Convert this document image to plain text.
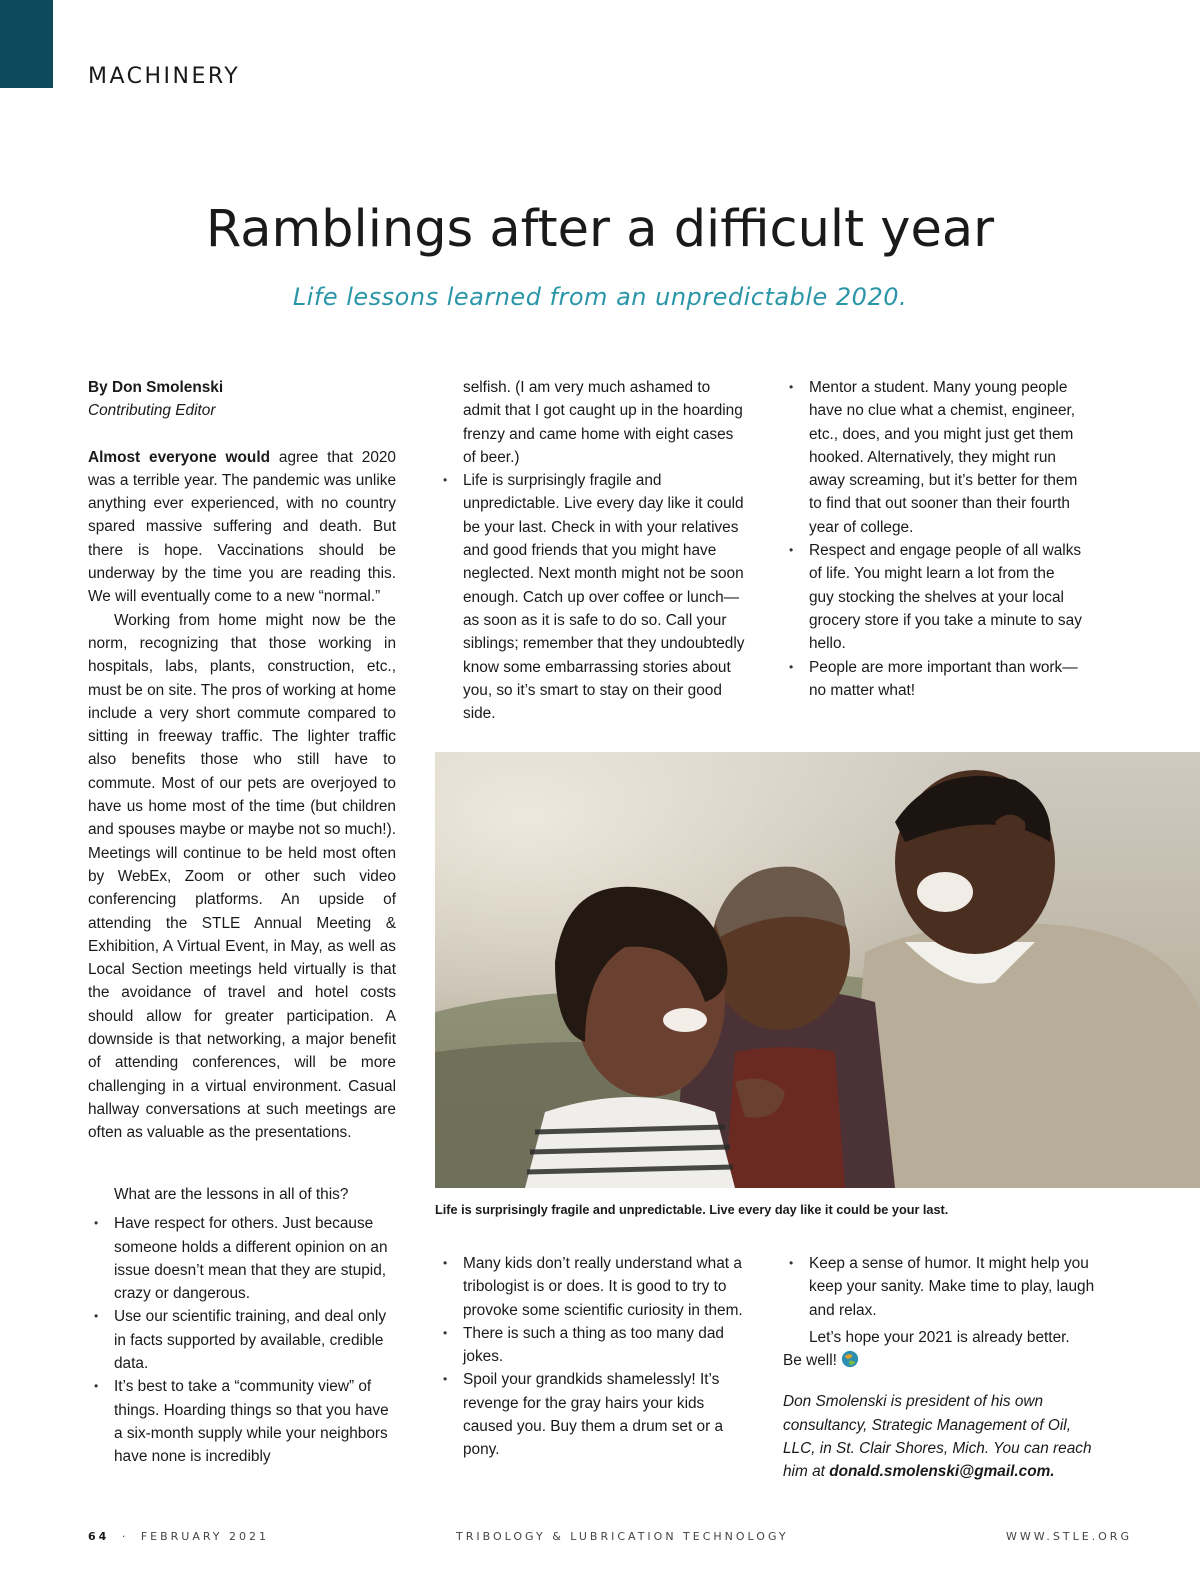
MACHINERY
Ramblings after a difficult year
Life lessons learned from an unpredictable 2020.

By Don Smolenski

Contributing Editor

Almost everyone would agree that 2020 was a terrible year. The pandemic was unlike anything ever experienced, with no country spared massive suffering and death. But there is hope. Vaccinations should be underway by the time you are reading this. We will eventually come to a new “normal.”

Working from home might now be the norm, recognizing that those working in hospitals, labs, plants, construction, etc., must be on site. The pros of working at home include a very short commute compared to sitting in freeway traffic. The lighter traffic also benefits those who still have to commute. Most of our pets are overjoyed to have us home most of the time (but children and spouses maybe or maybe not so much!). Meetings will continue to be held most often by WebEx, Zoom or other such video conferencing platforms. An upside of attending the STLE Annual Meeting & Exhibition, A Virtual Event, in May, as well as Local Section meetings held virtually is that the avoidance of travel and hotel costs should allow for greater participation. A downside is that networking, a major benefit of attending conferences, will be more challenging in a virtual environment. Casual hallway conversations at such meetings are often as valuable as the presentations.

What are the lessons in all of this?

• Have respect for others. Just because someone holds a different opinion on an issue doesn’t mean that they are stupid, crazy or dangerous.
• Use our scientific training, and deal only in facts supported by available, credible data.
• It’s best to take a “community view” of things. Hoarding things so that you have a six-month supply while your neighbors have none is incredibly

selfish. (I am very much ashamed to admit that I got caught up in the hoarding frenzy and came home with eight cases of beer.)

• Life is surprisingly fragile and unpredictable. Live every day like it could be your last. Check in with your relatives and good friends that you might have neglected. Next month might not be soon enough. Catch up over coffee or lunch—as soon as it is safe to do so. Call your siblings; remember that they undoubtedly know some embarrassing stories about you, so it’s smart to stay on their good side.
• Mentor a student. Many young people have no clue what a chemist, engineer, etc., does, and you might just get them hooked. Alternatively, they might run away screaming, but it’s better for them to find that out sooner than their fourth year of college.
• Respect and engage people of all walks of life. You might learn a lot from the guy stocking the shelves at your local grocery store if you take a minute to say hello.
• People are more important than work—no matter what!
Life is surprisingly fragile and unpredictable. Live every day like it could be your last.
• Many kids don’t really understand what a tribologist is or does. It is good to try to provoke some scientific curiosity in them.
• There is such a thing as too many dad jokes.
• Spoil your grandkids shamelessly! It’s revenge for the gray hairs your kids caused you. Buy them a drum set or a pony.
• Keep a sense of humor. It might help you keep your sanity. Make time to play, laugh and relax.

Let’s hope your 2021 is already better.

Be well!

Don Smolenski is president of his own consultancy, Strategic Management of Oil, LLC, in St. Clair Shores, Mich. You can reach him at donald.smolenski@gmail.com.

64 · FEBRUARY 2021	TRIBOLOGY & LUBRICATION TECHNOLOGY	WWW.STLE.ORG
